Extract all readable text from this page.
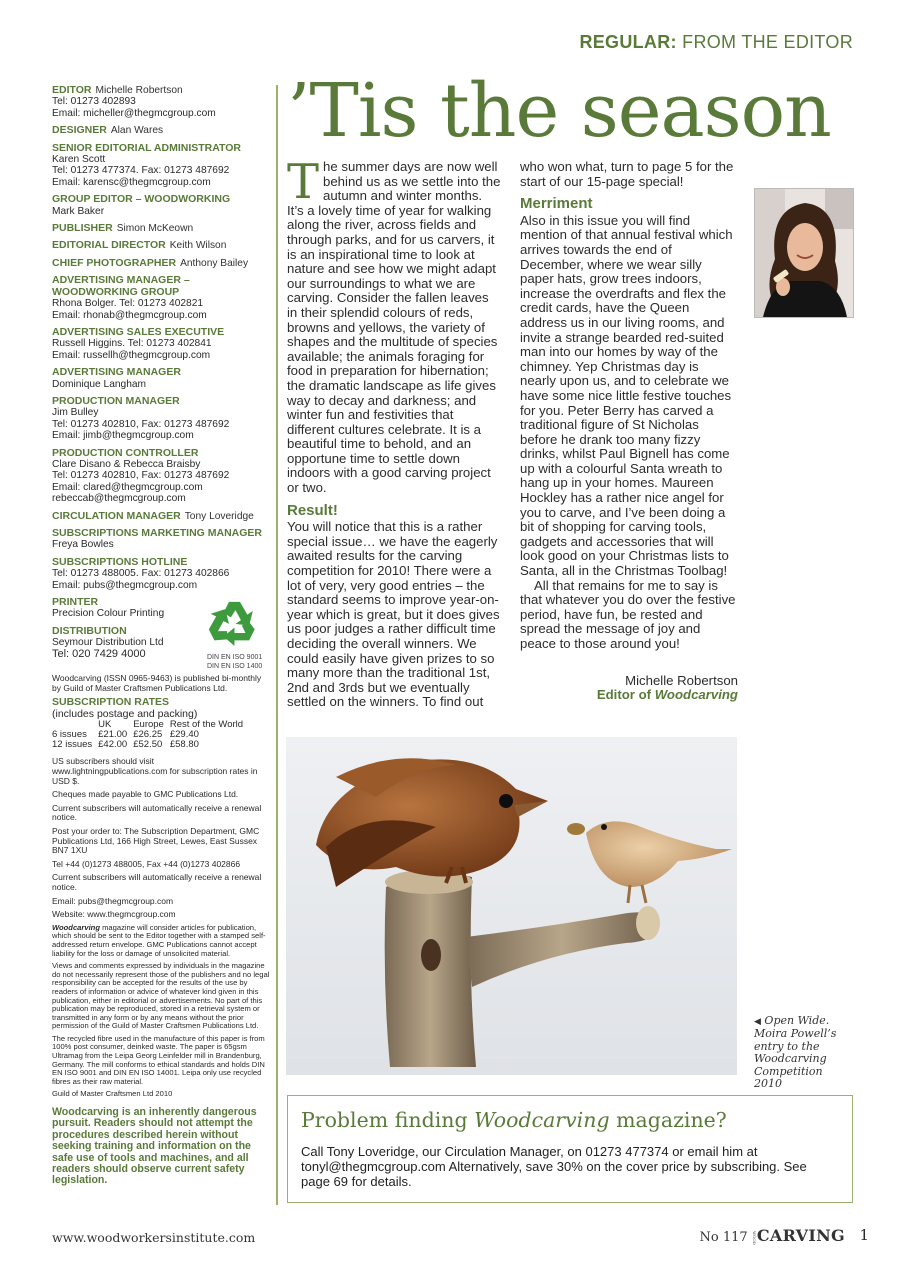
REGULAR: FROM THE EDITOR
EDITOR Michelle Robertson
Tel: 01273 402893
Email: micheller@thegmcgroup.com
DESIGNER Alan Wares
SENIOR EDITORIAL ADMINISTRATOR
Karen Scott
Tel: 01273 477374. Fax: 01273 487692
Email: karensc@thegmcgroup.com
GROUP EDITOR – WOODWORKING
Mark Baker
PUBLISHER Simon McKeown
EDITORIAL DIRECTOR Keith Wilson
CHIEF PHOTOGRAPHER Anthony Bailey
ADVERTISING MANAGER – WOODWORKING GROUP
Rhona Bolger. Tel: 01273 402821
Email: rhonab@thegmcgroup.com
ADVERTISING SALES EXECUTIVE
Russell Higgins. Tel: 01273 402841
Email: russellh@thegmcgroup.com
ADVERTISING MANAGER
Dominique Langham
PRODUCTION MANAGER
Jim Bulley
Tel: 01273 402810, Fax: 01273 487692
Email: jimb@thegmcgroup.com
PRODUCTION CONTROLLER
Clare Disano & Rebecca Braisby
Tel: 01273 402810, Fax: 01273 487692
Email: clared@thegmcgroup.com
rebeccab@thegmcgroup.com
CIRCULATION MANAGER Tony Loveridge
SUBSCRIPTIONS MARKETING MANAGER
Freya Bowles
SUBSCRIPTIONS HOTLINE
Tel: 01273 488005. Fax: 01273 402866
Email: pubs@thegmcgroup.com
PRINTER
Precision Colour Printing
DISTRIBUTION
Seymour Distribution Ltd
Tel: 020 7429 4000	DIN EN ISO 9001
DIN EN ISO 1400
Woodcarving (ISSN 0965-9463) is published bi-monthly by Guild of Master Craftsmen Publications Ltd.
SUBSCRIPTION RATES
(includes postage and packing)
	UK	Europe	Rest of the World
6 issues	£21.00	£26.25	£29.40
12 issues	£42.00	£52.50	£58.80
US subscribers should visit www.lightningpublications.com for subscription rates in USD $.
Cheques made payable to GMC Publications Ltd.
Current subscribers will automatically receive a renewal notice.
Post your order to: The Subscription Department, GMC Publications Ltd, 166 High Street, Lewes, East Sussex BN7 1XU
Tel +44 (0)1273 488005, Fax +44 (0)1273 402866
Current subscribers will automatically receive a renewal notice.
Email: pubs@thegmcgroup.com
Website: www.thegmcgroup.com
Woodcarving magazine will consider articles for publication, which should be sent to the Editor together with a stamped self-addressed return envelope. GMC Publications cannot accept liability for the loss or damage of unsolicited material.
Views and comments expressed by individuals in the magazine do not necessarily represent those of the publishers and no legal responsibility can be accepted for the results of the use by readers of information or advice of whatever kind given in this publication, either in editorial or advertisements. No part of this publication may be reproduced, stored in a retrieval system or transmitted in any form or by any means without the prior permission of the Guild of Master Craftsmen Publications Ltd.
The recycled fibre used in the manufacture of this paper is from 100% post consumer, deinked waste. The paper is 65gsm Ultramag from the Leipa Georg Leinfelder mill in Brandenburg, Germany. The mill conforms to ethical standards and holds DIN EN ISO 9001 and DIN EN ISO 14001. Leipa only use recycled fibres as their raw material.
Guild of Master Craftsmen Ltd 2010
Woodcarving is an inherently dangerous pursuit. Readers should not attempt the procedures described herein without seeking training and information on the safe use of tools and machines, and all readers should observe current safety legislation.
’Tis the season
T he summer days are now well behind us as we settle into the autumn and winter months. It’s a lovely time of year for walking along the river, across fields and through parks, and for us carvers, it is an inspirational time to look at nature and see how we might adapt our surroundings to what we are carving. Consider the fallen leaves in their splendid colours of reds, browns and yellows, the variety of shapes and the multitude of species available; the animals foraging for food in preparation for hibernation; the dramatic landscape as life gives way to decay and darkness; and winter fun and festivities that different cultures celebrate. It is a beautiful time to behold, and an opportune time to settle down indoors with a good carving project or two.
Result!
You will notice that this is a rather special issue… we have the eagerly awaited results for the carving competition for 2010! There were a lot of very, very good entries – the standard seems to improve year-on-year which is great, but it does gives us poor judges a rather difficult time deciding the overall winners. We could easily have given prizes to so many more than the traditional 1st, 2nd and 3rds but we eventually settled on the winners. To find out
who won what, turn to page 5 for the start of our 15-page special!
Merriment
Also in this issue you will find mention of that annual festival which arrives towards the end of December, where we wear silly paper hats, grow trees indoors, increase the overdrafts and flex the credit cards, have the Queen address us in our living rooms, and invite a strange bearded red-suited man into our homes by way of the chimney. Yep Christmas day is nearly upon us, and to celebrate we have some nice little festive touches for you. Peter Berry has carved a traditional figure of St Nicholas before he drank too many fizzy drinks, whilst Paul Bignell has come up with a colourful Santa wreath to hang up in your homes. Maureen Hockley has a rather nice angel for you to carve, and I’ve been doing a bit of shopping for carving tools, gadgets and accessories that will look good on your Christmas lists to Santa, all in the Christmas Toolbag!
All that remains for me to say is that whatever you do over the festive period, have fun, be rested and spread the message of joy and peace to those around you!
Michelle Robertson
Editor of Woodcarving
◀ Open Wide. Moira Powell’s entry to the Woodcarving Competition 2010
Problem finding Woodcarving magazine?

Call Tony Loveridge, our Circulation Manager, on 01273 477374 or email him at tonyl@thegmcgroup.com Alternatively, save 30% on the cover price by subscribing. See page 69 for details.

www.woodworkersinstitute.com	No 117 WOODCARVING 1
